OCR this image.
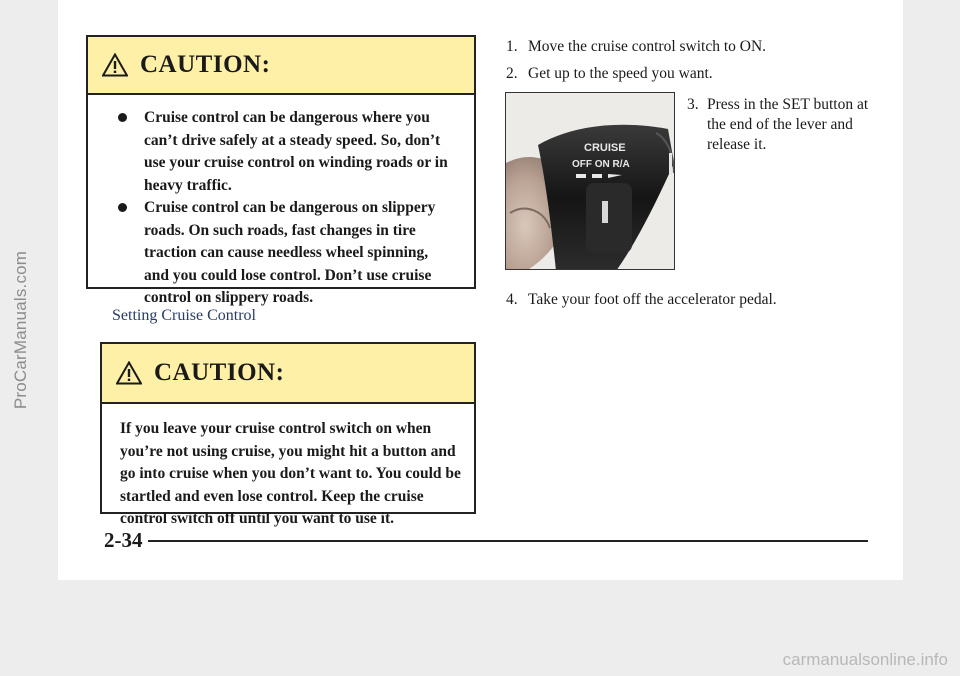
ProCarManuals.com
CAUTION:
Cruise control can be dangerous where you can’t drive safely at a steady speed. So, don’t use your cruise control on winding roads or in heavy traffic.
Cruise control can be dangerous on slippery roads. On such roads, fast changes in tire traction can cause needless wheel spinning, and you could lose control. Don’t use cruise control on slippery roads.
Setting Cruise Control
CAUTION:

If you leave your cruise control switch on when you’re not using cruise, you might hit a button and go into cruise when you don’t want to. You could be startled and even lose control. Keep the cruise control switch off until you want to use it.

1. Move the cruise control switch to ON.

2. Get up to the speed you want.

3. Press in the SET button at the end of the lever and release it.

4. Take your foot off the accelerator pedal.

CRUISE
OFF ON R/A
2-34
carmanualsonline.info
